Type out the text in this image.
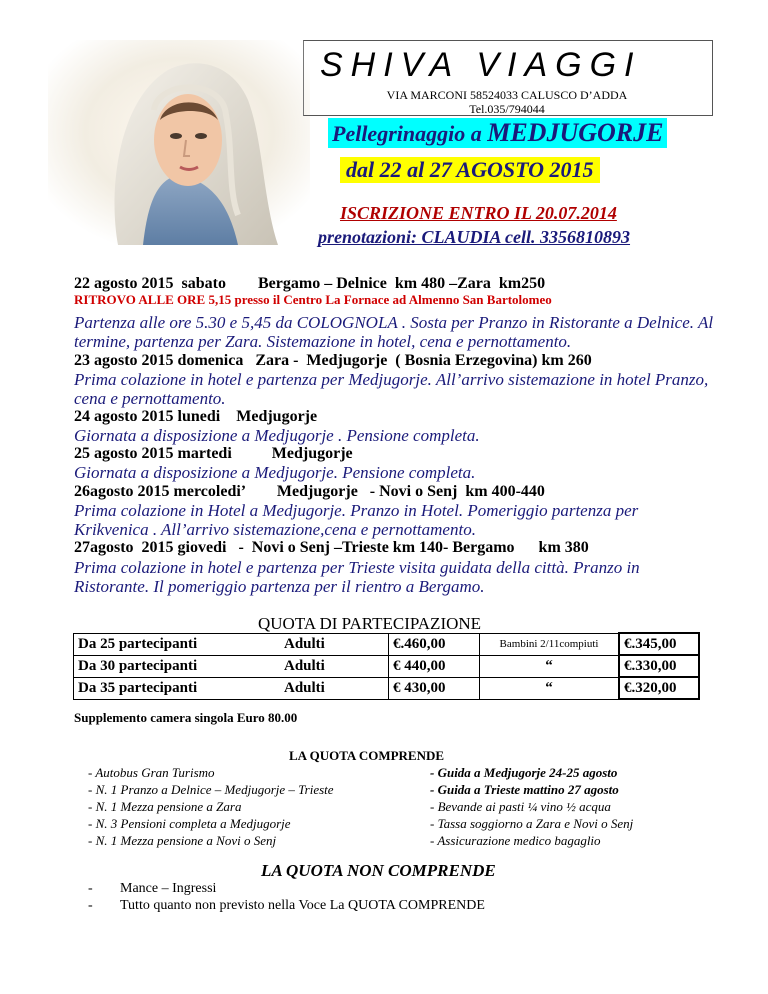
SHIVA VIAGGI
VIA MARCONI 58524033 CALUSCO D’ADDA
Tel.035/794044
Pellegrinaggio a MEDJUGORJE
dal 22 al 27 AGOSTO 2015
ISCRIZIONE ENTRO IL 20.07.2014
prenotazioni: CLAUDIA cell. 3356810893
22 agosto 2015  sabato        Bergamo – Delnice  km 480 –Zara  km250
RITROVO ALLE ORE 5,15 presso il Centro La Fornace ad Almenno San Bartolomeo
Partenza alle ore 5.30 e 5,45 da COLOGNOLA . Sosta per Pranzo in Ristorante a Delnice. Al termine, partenza per Zara. Sistemazione in hotel, cena e pernottamento.
23 agosto 2015 domenica   Zara -  Medjugorje  ( Bosnia Erzegovina) km 260
Prima colazione in hotel e partenza per Medjugorje. All’arrivo sistemazione in hotel Pranzo, cena e pernottamento.
24 agosto 2015 lunedi    Medjugorje
Giornata a disposizione a Medjugorje . Pensione completa.
25 agosto 2015 martedi          Medjugorje
Giornata a disposizione a Medjugorje. Pensione completa.
26agosto 2015 mercoledi’        Medjugorje   - Novi o Senj  km 400-440
Prima colazione in Hotel a Medjugorje. Pranzo in Hotel. Pomeriggio partenza per Krikvenica . All’arrivo sistemazione,cena e pernottamento.
27agosto  2015 giovedi   -  Novi o Senj –Trieste km 140- Bergamo      km 380
Prima colazione in hotel e partenza per Trieste visita guidata della città. Pranzo in Ristorante. Il pomeriggio partenza per il rientro a Bergamo.
QUOTA DI PARTECIPAZIONE
Da 25 partecipanti	Adulti	€.460,00	Bambini 2/11compiuti	€.345,00
Da 30 partecipanti	Adulti	€ 440,00	“	€.330,00
Da 35 partecipanti	Adulti	€ 430,00	“	€.320,00
Supplemento camera singola Euro 80.00
LA QUOTA COMPRENDE
- Autobus Gran Turismo
- N. 1 Pranzo a Delnice – Medjugorje – Trieste
- N. 1 Mezza pensione a Zara
- N. 3 Pensioni completa a Medjugorje
- N. 1 Mezza pensione a Novi o Senj
- Guida a Medjugorje 24-25 agosto
- Guida a Trieste mattino 27 agosto
- Bevande ai pasti ¼ vino ½ acqua
- Tassa soggiorno a Zara e Novi o Senj
- Assicurazione medico bagaglio
LA QUOTA NON COMPRENDE
- Mance – Ingressi
- Tutto quanto non previsto nella Voce La QUOTA COMPRENDE
